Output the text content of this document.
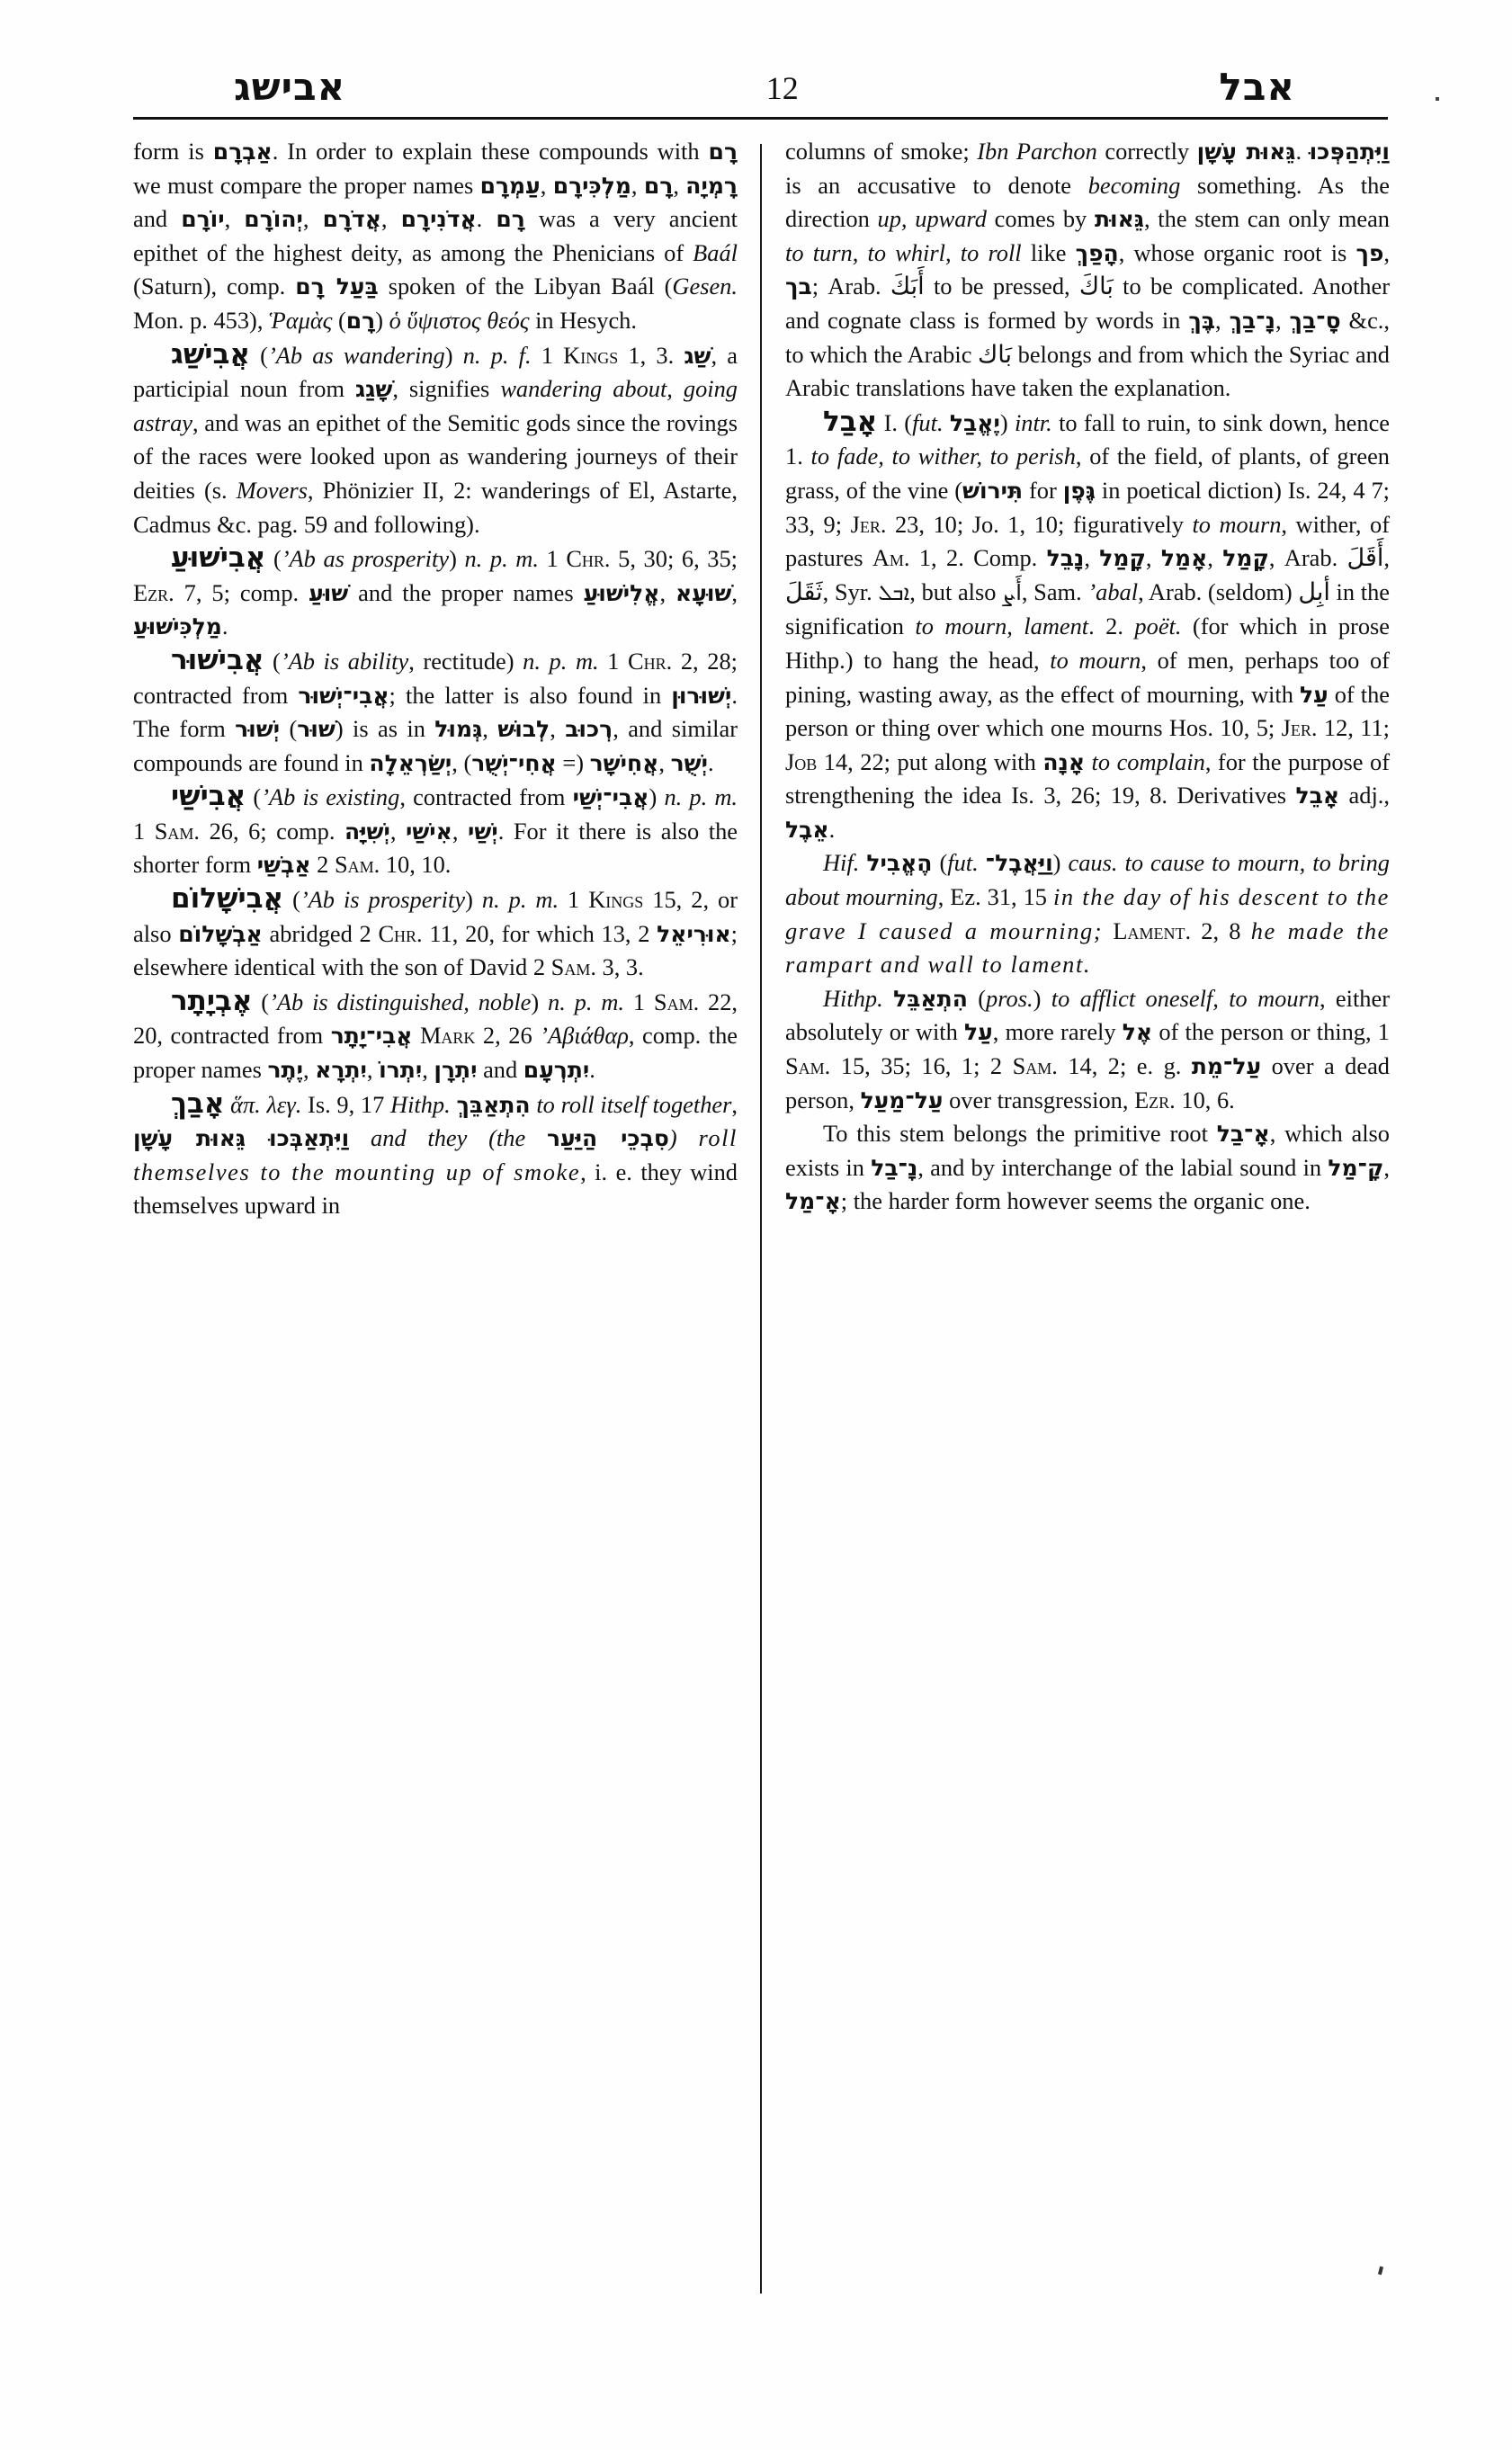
אבישג	12	אבל

form is אַבְרָם. In order to explain these compounds with רָם we must compare the proper names עַמְרָם, מַלְכִּירָם, רָם, רָמְיָה and יוֹרָם, יְהוֹרָם, אֲדֹרָם, אֲדֹנִירָם. רָם was a very ancient epithet of the highest deity, as among the Phenicians of Baál (Saturn), comp. בַּעַל רָם spoken of the Libyan Baál (Gesen. Mon. p. 453), Ῥαμὰς (רָם) ὁ ὕψιστος θεός in Hesych.

אֲבִישַׁג (’Ab as wandering) n. p. f. 1 Kings 1, 3. שַׁג, a participial noun from שָׁגַג, signifies wandering about, going astray, and was an epithet of the Semitic gods since the rovings of the races were looked upon as wandering journeys of their deities (s. Movers, Phönizier II, 2: wanderings of El, Astarte, Cadmus &c. pag. 59 and following).

אֲבִישׁוּעַ (’Ab as prosperity) n. p. m. 1 Chr. 5, 30; 6, 35; Ezr. 7, 5; comp. שׁוּעַ and the proper names אֱלִישׁוּעַ, שׁוּעָא, מַלְכִּישׁוּעַ.

אֲבִישׁוּר (’Ab is ability, rectitude) n. p. m. 1 Chr. 2, 28; contracted from אֲבִי־יְשׁוּר; the latter is also found in יְשׁוּרוּן. The form יְשׁוּר (שׁוּר) is as in גְּמוּל, לְבוּשׁ, רְכוּב, and similar compounds are found in יְשַׂרְאֵלָה, (אֲחִי־יְשֻׁר =) אֲחִישָׁר, יְשֻׁר.

אֲבִישַׁי (’Ab is existing, contracted from אֲבִי־יְשַׁי) n. p. m. 1 Sam. 26, 6; comp. יְשִׁיָּה, אִישַׁי, יְשַׁי. For it there is also the shorter form אַבְשַׁי 2 Sam. 10, 10.

אֲבִישָׁלוֹם (’Ab is prosperity) n. p. m. 1 Kings 15, 2, or also אַבְשָׁלוֹם abridged 2 Chr. 11, 20, for which 13, 2 אוּרִיאֵל; elsewhere identical with the son of David 2 Sam. 3, 3.

אֶבְיָתָר (’Ab is distinguished, noble) n. p. m. 1 Sam. 22, 20, contracted from אֲבִי־יָתָר Mark 2, 26 ’Αβιάθαρ, comp. the proper names יֶתֶר, יִתְרָא, יִתְרוֹ, יִתְרָן and יִתְרְעָם.

אָבַךְ ἅπ. λεγ. Is. 9, 17 Hithp. הִתְאַבֵּךְ to roll itself together, וַיִּתְאַבְּכוּ גֵּאוּת עָשָׁן and they (the סִבְכֵי הַיַּעַר) roll themselves to the mounting up of smoke, i. e. they wind themselves upward in

columns of smoke; Ibn Parchon correctly גֵּאוּת עָשָׁן. וַיִּתְהַפְּכוּ is an accusative to denote becoming something. As the direction up, upward comes by גֵּאוּת, the stem can only mean to turn, to whirl, to roll like הָפַךְ, whose organic root is פך, בך; Arab. أَبَكَ to be pressed, بَاكَ to be complicated. Another and cognate class is formed by words in בֶּךְ, נָ־בַךְ, סָ־בַךְ &c., to which the Arabic بَاك belongs and from which the Syriac and Arabic translations have taken the explanation.

אָבַל I. (fut. יֶאֱבַל) intr. to fall to ruin, to sink down, hence 1. to fade, to wither, to perish, of the field, of plants, of green grass, of the vine (תִּירוֹשׁ for גֶּפֶן in poetical diction) Is. 24, 4 7; 33, 9; Jer. 23, 10; Jo. 1, 10; figuratively to mourn, wither, of pastures Am. 1, 2. Comp. נָבֵל, קָמַל, אָמַל, קָמַל, Arab. أَقَلَ, ثَقَلَ, Syr. ܐܒܠ, but also أَܨ, Sam. ’abal, Arab. (seldom) أبِل in the signification to mourn, lament. 2. poët. (for which in prose Hithp.) to hang the head, to mourn, of men, perhaps too of pining, wasting away, as the effect of mourning, with עַל of the person or thing over which one mourns Hos. 10, 5; Jer. 12, 11; Job 14, 22; put along with אָנָה to complain, for the purpose of strengthening the idea Is. 3, 26; 19, 8. Derivatives אָבֵל adj., אֵבֶל.

Hif. הֶאֱבִיל (fut. וַיַּאֲבֶל־) caus. to cause to mourn, to bring about mourning, Ez. 31, 15 in the day of his descent to the grave I caused a mourning; Lament. 2, 8 he made the rampart and wall to lament.

Hithp. הִתְאַבֵּל (pros.) to afflict oneself, to mourn, either absolutely or with עַל, more rarely אֶל of the person or thing, 1 Sam. 15, 35; 16, 1; 2 Sam. 14, 2; e. g. עַל־מֵת over a dead person, עַל־מַעַל over transgression, Ezr. 10, 6.

To this stem belongs the primitive root אָ־בַל, which also exists in נָ־בַל, and by interchange of the labial sound in קָ־מַל, אָ־מַל; the harder form however seems the organic one.
